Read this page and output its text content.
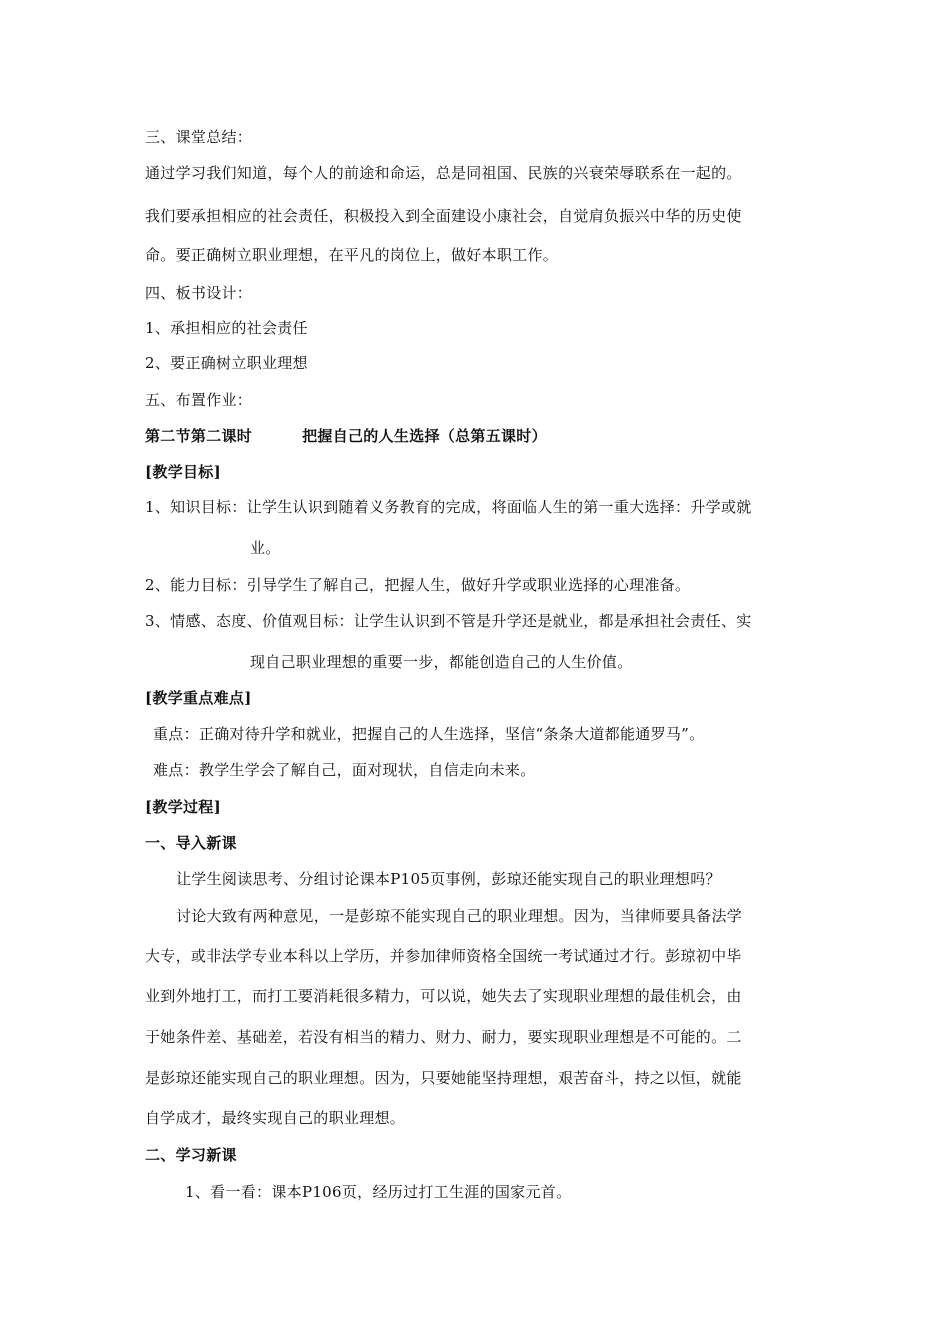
三、课堂总结：
通过学习我们知道，每个人的前途和命运，总是同祖国、民族的兴衰荣辱联系在一起的。
我们要承担相应的社会责任，积极投入到全面建设小康社会，自觉肩负振兴中华的历史使
命。要正确树立职业理想，在平凡的岗位上，做好本职工作。
四、板书设计：
1、承担相应的社会责任
2、要正确树立职业理想
五、布置作业：
第二节第二课时	把握自己的人生选择（总第五课时）
[教学目标]
1、知识目标：让学生认识到随着义务教育的完成，将面临人生的第一重大选择：升学或就
业。
2、能力目标：引导学生了解自己，把握人生，做好升学或职业选择的心理准备。
3、情感、态度、价值观目标：让学生认识到不管是升学还是就业，都是承担社会责任、实
现自己职业理想的重要一步，都能创造自己的人生价值。
[教学重点难点]
重点：正确对待升学和就业，把握自己的人生选择，坚信“条条大道都能通罗马”。
难点：教学生学会了解自己，面对现状，自信走向未来。
[教学过程]
一、导入新课
让学生阅读思考、分组讨论课本P105页事例，彭琼还能实现自己的职业理想吗？
讨论大致有两种意见，一是彭琼不能实现自己的职业理想。因为，当律师要具备法学
大专，或非法学专业本科以上学历，并参加律师资格全国统一考试通过才行。彭琼初中毕
业到外地打工，而打工要消耗很多精力，可以说，她失去了实现职业理想的最佳机会，由
于她条件差、基础差，若没有相当的精力、财力、耐力，要实现职业理想是不可能的。二
是彭琼还能实现自己的职业理想。因为，只要她能坚持理想，艰苦奋斗，持之以恒，就能
自学成才，最终实现自己的职业理想。
二、学习新课
1、看一看：课本P106页，经历过打工生涯的国家元首。
